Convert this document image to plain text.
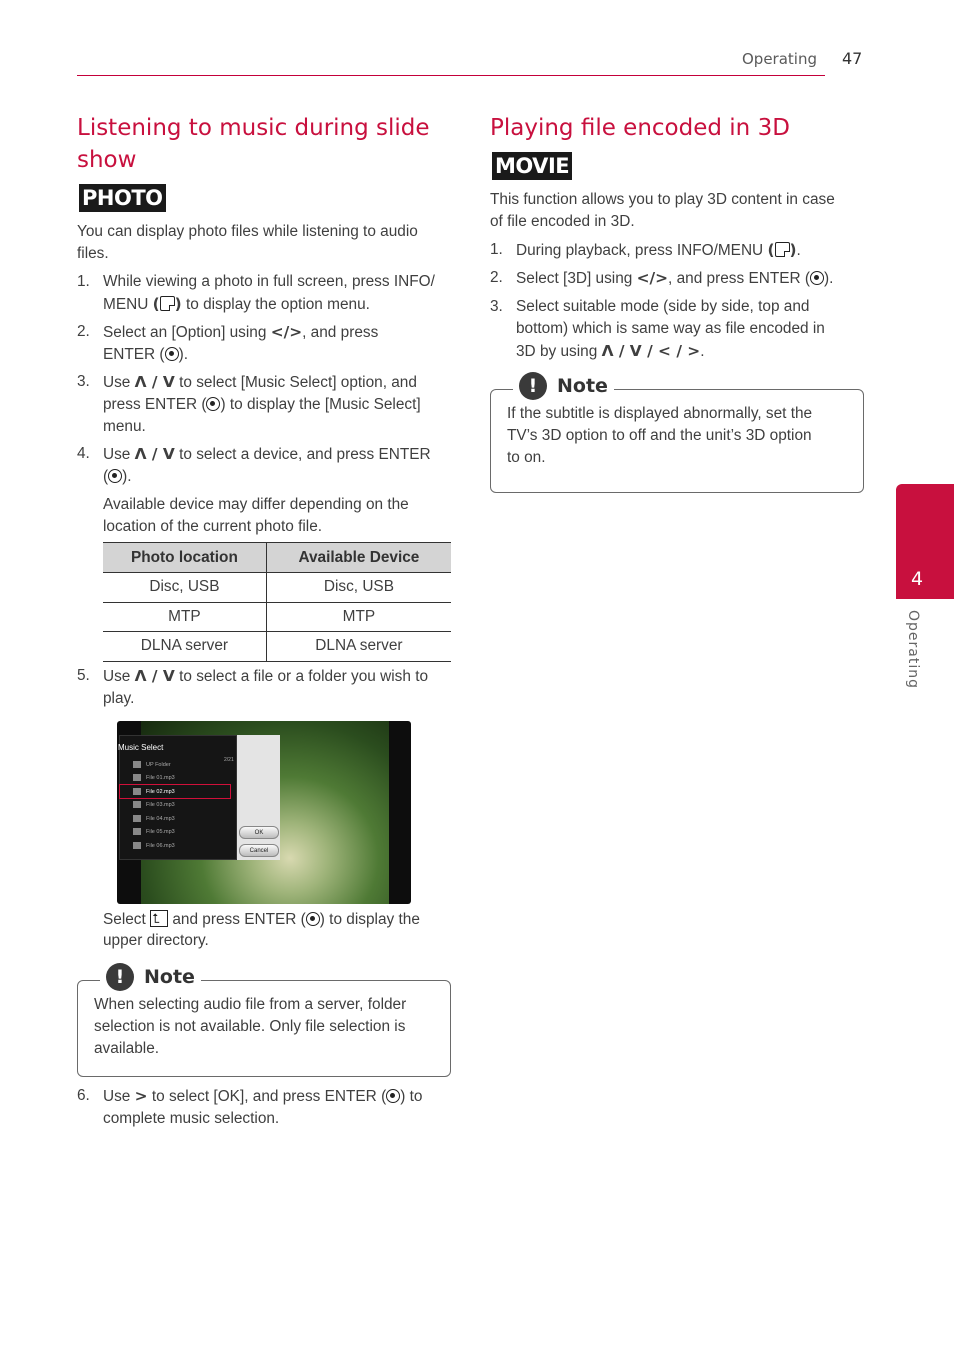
Operating 47
4
Operating
Listening to music during slide
show
PHOTO
You can display photo files while listening to audio
files.
1. While viewing a photo in full screen, press INFO/
MENU ( ) to display the option menu.
2. Select an [Option] using </>, and press
ENTER ( ).
3. Use Λ / V to select [Music Select] option, and
press ENTER ( ) to display the [Music Select]
menu.
4. Use Λ / V to select a device, and press ENTER
( ).
Available device may differ depending on the
location of the current photo file.
Photo location	Available Device
Disc, USB	Disc, USB
MTP	MTP
DLNA server	DLNA server
5. Use Λ / V to select a file or a folder you wish to
play.
Music Select
2/21
UP Folder
File 01.mp3
File 02.mp3
File 03.mp3
File 04.mp3
File 05.mp3
File 06.mp3
OK
Cancel
Select ⮤ and press ENTER ( ) to display the
upper directory.
!	Note
When selecting audio file from a server, folder
selection is not available. Only file selection is
available.
6. Use > to select [OK], and press ENTER ( ) to
complete music selection.
Playing file encoded in 3D
MOVIE
This function allows you to play 3D content in case
of file encoded in 3D.
1. During playback, press INFO/MENU ( ).
2. Select [3D] using </>, and press ENTER ( ).
3. Select suitable mode (side by side, top and
bottom) which is same way as file encoded in
3D by using Λ / V / < / >.
!	Note
If the subtitle is displayed abnormally, set the
TV’s 3D option to off and the unit’s 3D option
to on.
